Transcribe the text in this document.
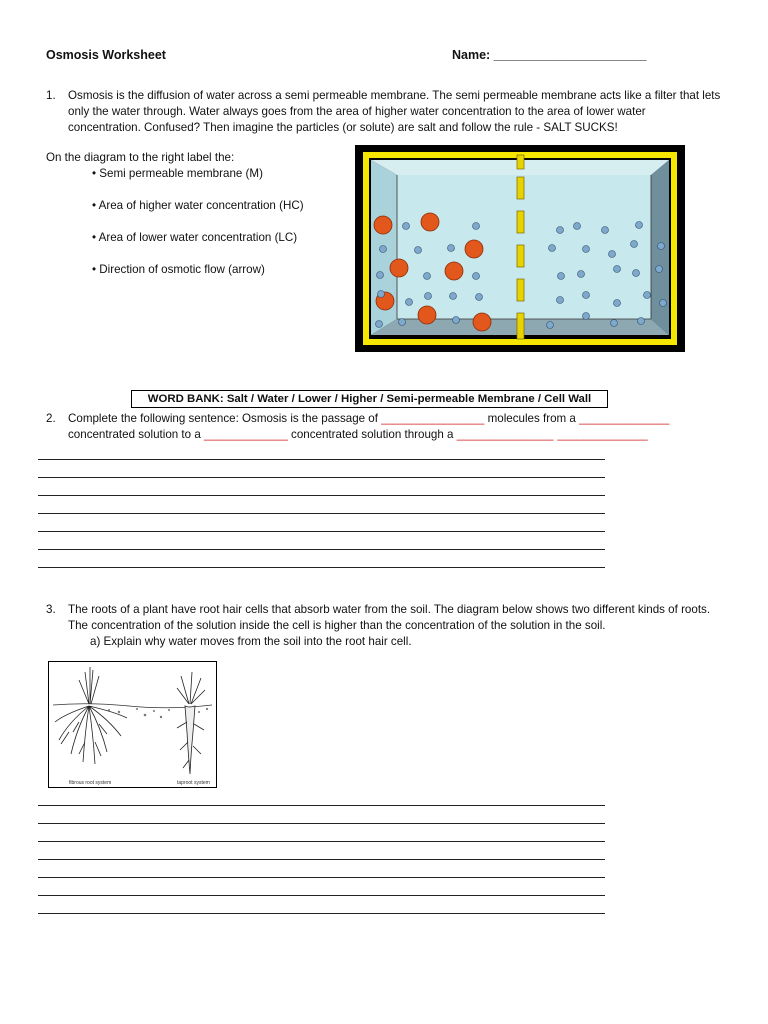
Osmosis Worksheet	Name: ______________________
1. Osmosis is the diffusion of water across a semi permeable membrane. The semi permeable membrane acts like a filter that lets
only the water through. Water always goes from the area of higher water concentration to the area of lower water
concentration. Confused? Then imagine the particles (or solute) are salt and follow the rule - SALT SUCKS!
On the diagram to the right label the:
• Semi permeable membrane (M)
• Area of higher water concentration (HC)
• Area of lower water concentration (LC)
• Direction of osmotic flow (arrow)
WORD BANK: Salt / Water / Lower / Higher / Semi-permeable Membrane / Cell Wall
2. Complete the following sentence: Osmosis is the passage of ________________ molecules from a ______________
concentrated solution to a _____________ concentrated solution through a _______________ ______________
3. The roots of a plant have root hair cells that absorb water from the soil. The diagram below shows two different kinds of roots.
The concentration of the solution inside the cell is higher than the concentration of the solution in the soil.
a) Explain why water moves from the soil into the root hair cell.
fibrous root system	taproot system
